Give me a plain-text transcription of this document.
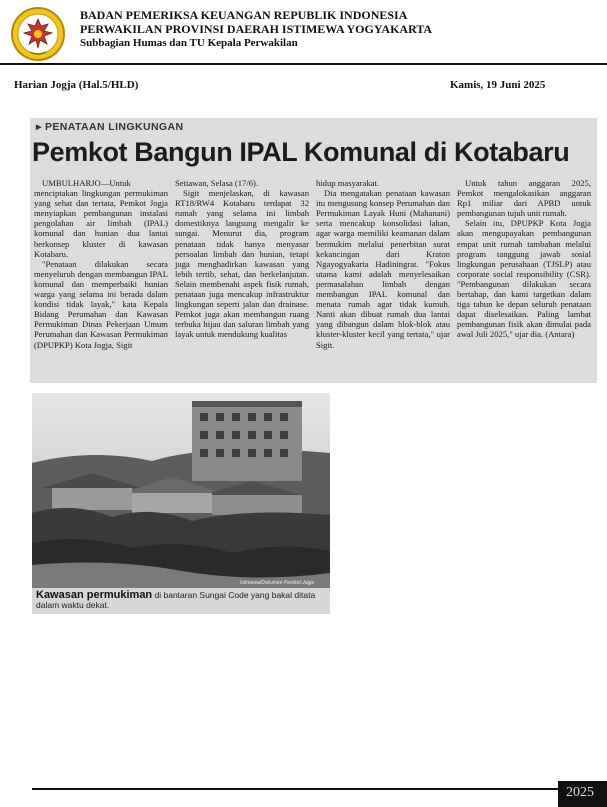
BADAN PEMERIKSA KEUANGAN REPUBLIK INDONESIA
PERWAKILAN PROVINSI DAERAH ISTIMEWA YOGYAKARTA
Subbagian Humas dan TU Kepala Perwakilan
Harian Jogja (Hal.5/HLD)	Kamis, 19 Juni 2025
▸ PENATAAN LINGKUNGAN
Pemkot Bangun IPAL Komunal di Kotabaru

UMBULHARJO—Untuk menciptakan lingkungan permukiman yang sehat dan tertata, Pemkot Jogja menyiapkan pembangunan instalasi pengolahan air limbah (IPAL) komunal dan hunian dua lantai berkonsep kluster di kawasan Kotabaru.

"Penataan dilakukan secara menyeluruh dengan membangun IPAL komunal dan memperbaiki hunian warga yang selama ini berada dalam kondisi tidak layak," kata Kepala Bidang Perumahan dan Kawasan Permukiman Dinas Pekerjaan Umum Perumahan dan Kawasan Permukiman (DPUPKP) Kota Jogja, Sigit

Setiawan, Selasa (17/6).

Sigit menjelaskan, di kawasan RT18/RW4 Kotabaru terdapat 32 rumah yang selama ini limbah domestiknya langsung mengalir ke sungai. Menurut dia, program penataan tidak hanya menyasar persoalan limbah dan hunian, tetapi juga menghadirkan kawasan yang lebih tertib, sehat, dan berkelanjutan. Selain membenahi aspek fisik rumah, penataan juga mencakup infrastruktur lingkungan seperti jalan dan drainase. Pemkot juga akan membangun ruang terbuka hijau dan saluran limbah yang layak untuk mendukung kualitas

hidup masyarakat.

Dia mengatakan penataan kawasan itu mengusung konsep Perumahan dan Permukiman Layak Huni (Mahanani) serta mencakup konsolidasi lahan, agar warga memiliki keamanan dalam bermukim melalui penerbitan surat kekancingan dari Kraton Ngayogyakarta Hadiningrat. "Fokus utama kami adalah menyelesaikan permasalahan limbah dengan membangun IPAL komunal dan menata rumah agar tidak kumuh. Nanti akan dibuat rumah dua lantai yang dibangun dalam blok-blok atau kluster-kluster kecil yang tertata," ujar Sigit.

Untuk tahun anggaran 2025, Pemkot mengalokasikan anggaran Rp1 miliar dari APBD untuk pembangunan tujuh unit rumah.

Selain itu, DPUPKP Kota Jogja akan mengupayakan pembangunan empat unit rumah tambahan melalui program tanggung jawab sosial lingkungan perusahaan (TJSLP) atau corporate social responsibility (CSR). "Pembangunan dilakukan secara bertahap, dan kami targetkan dalam tiga tahun ke depan seluruh penataan dapat diselesaikan. Paling lambat pembangunan fisik akan dimulai pada awal Juli 2025," ujar dia. (Antara)

Istimewa/Dokumen Pemkot Jogja
Kawasan permukiman di bantaran Sungai Code yang bakal ditata dalam waktu dekat.
2025
